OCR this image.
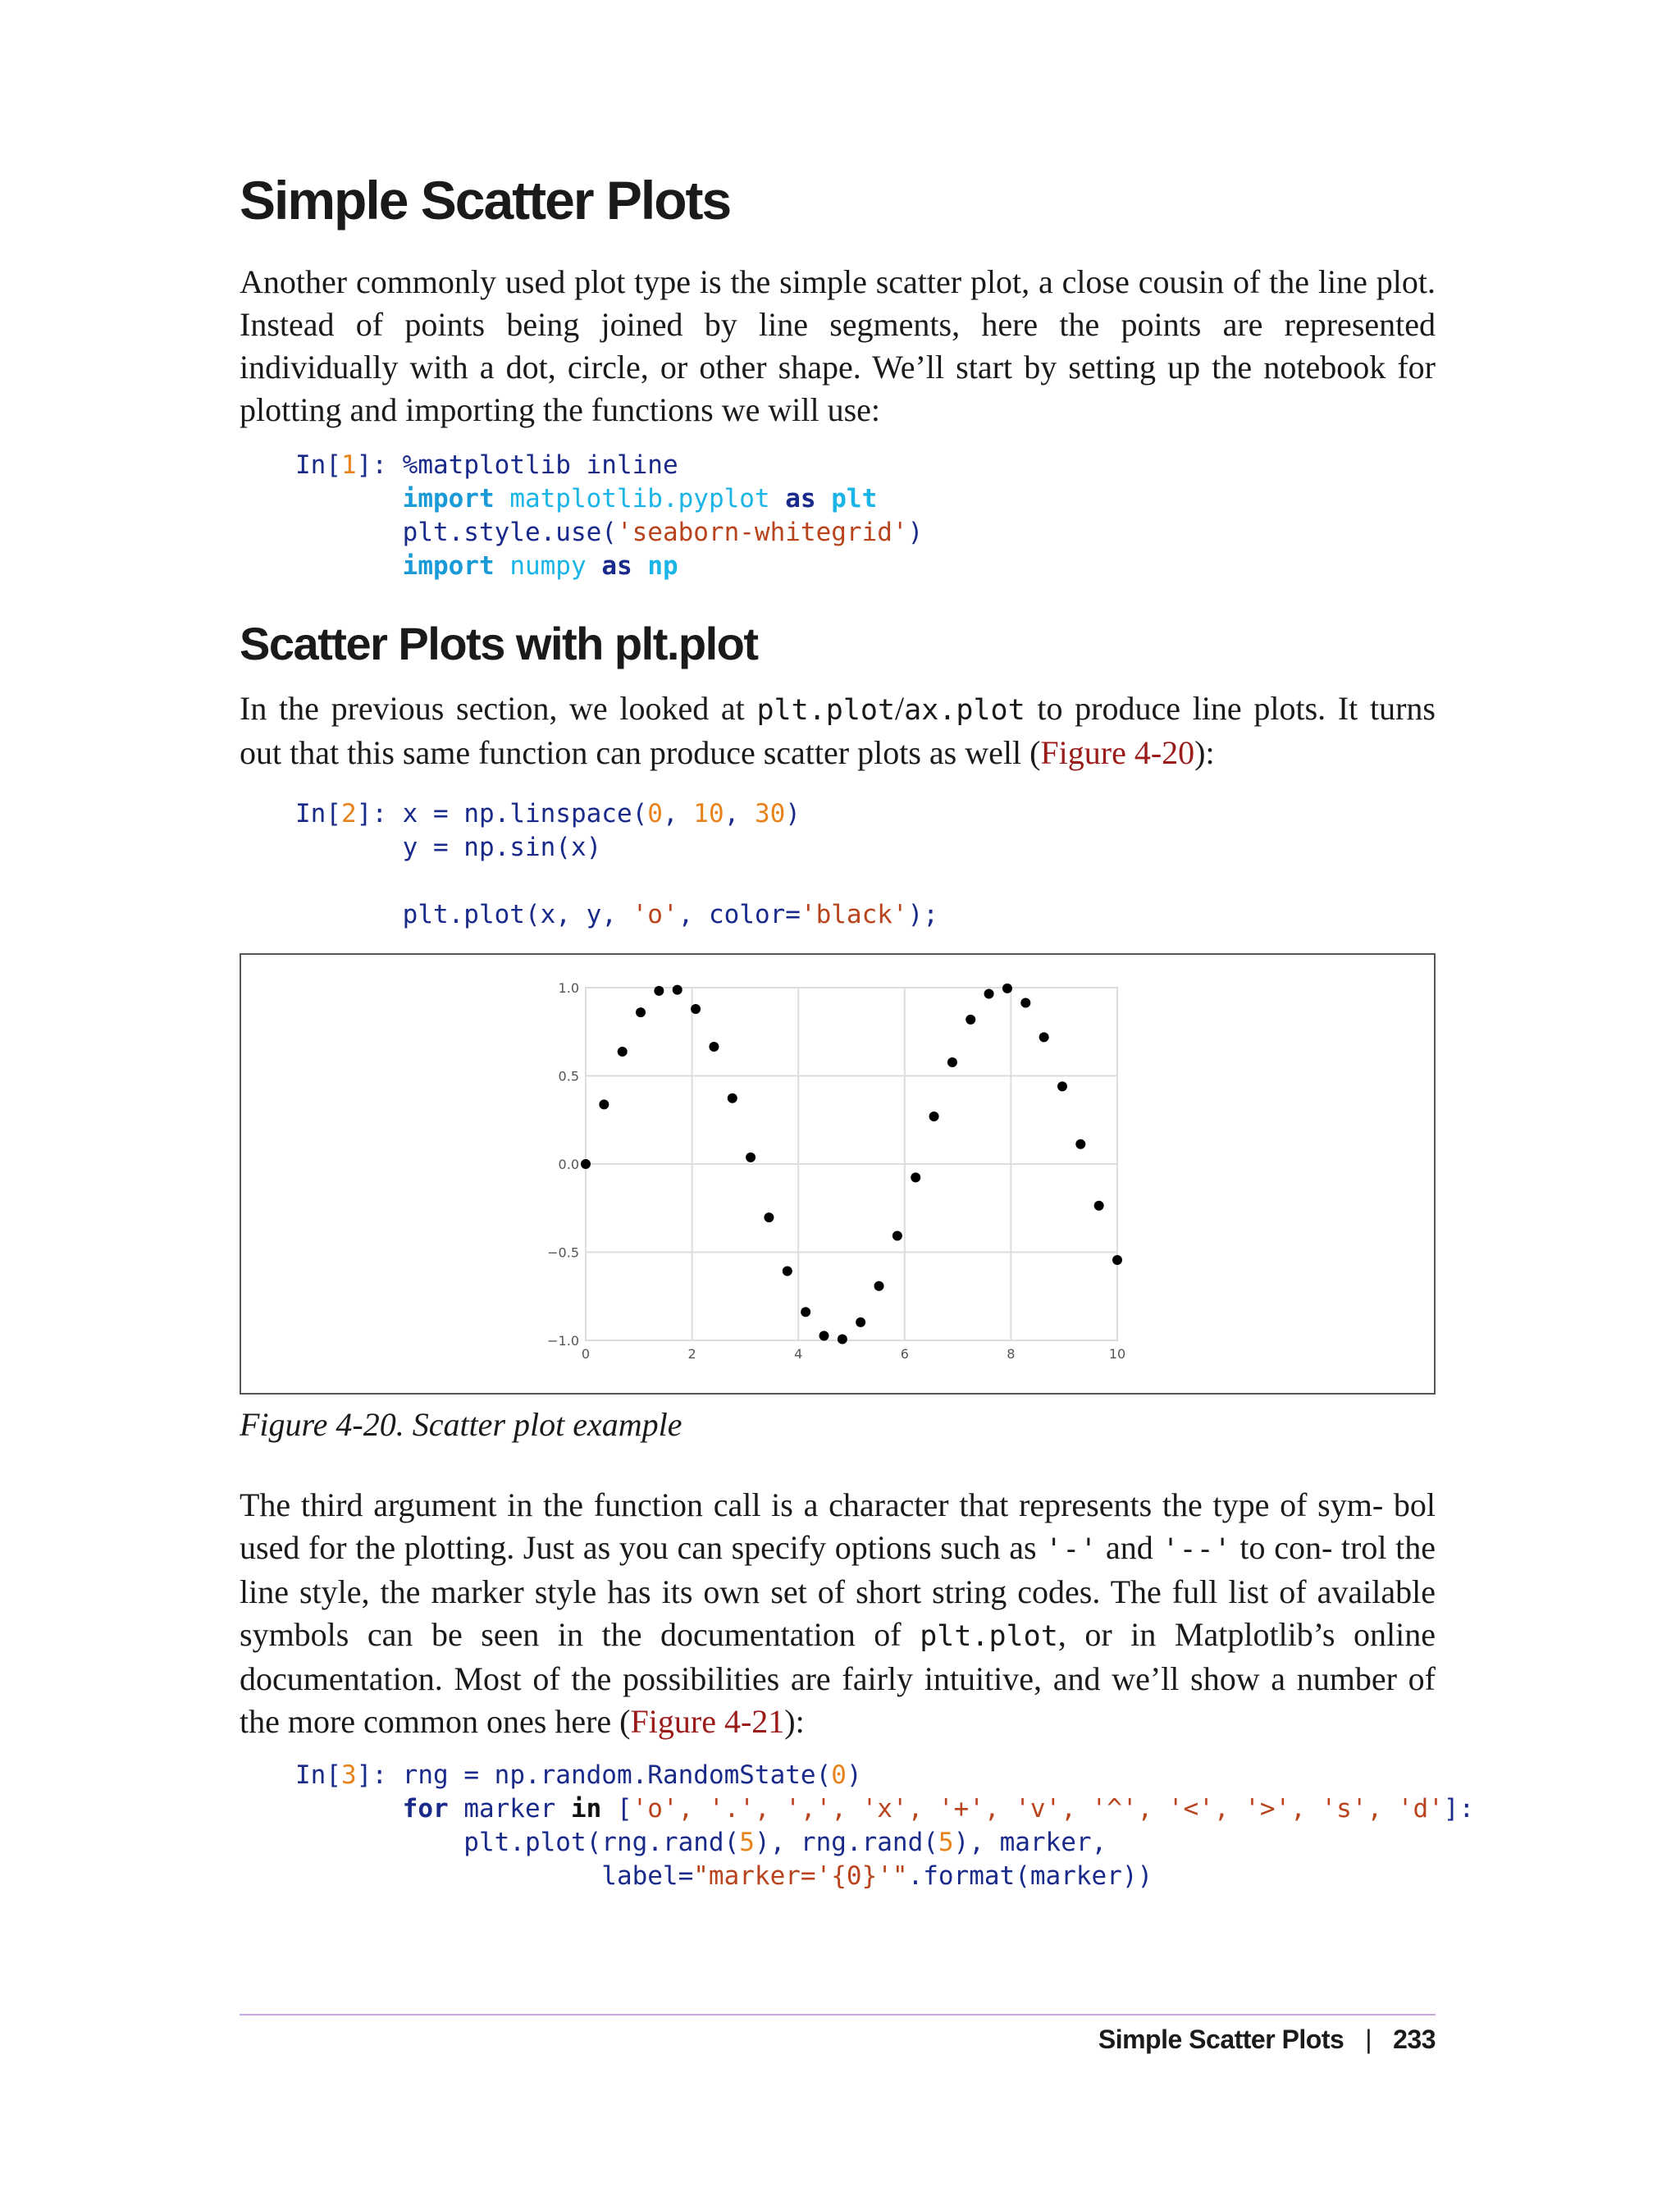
Simple Scatter Plots

Another commonly used plot type is the simple scatter plot, a close cousin of the line plot. Instead of points being joined by line segments, here the points are represented individually with a dot, circle, or other shape. We’ll start by setting up the notebook for plotting and importing the functions we will use:

In[1]: %matplotlib inline
import matplotlib.pyplot as plt
plt.style.use('seaborn-whitegrid')
import numpy as np
Scatter Plots with plt.plot

In the previous section, we looked at plt.plot/ax.plot to produce line plots. It turns out that this same function can produce scatter plots as well (Figure 4-20):

In[2]: x = np.linspace(0, 10, 30)
y = np.sin(x)

plt.plot(x, y, 'o', color='black');
0	2	4	6	8	10
−1.0
−0.5
0.0
0.5
1.0

Figure 4-20. Scatter plot example

The third argument in the function call is a character that represents the type of sym‐ bol used for the plotting. Just as you can specify options such as '-' and '--' to con‐ trol the line style, the marker style has its own set of short string codes. The full list of available symbols can be seen in the documentation of plt.plot, or in Matplotlib’s online documentation. Most of the possibilities are fairly intuitive, and we’ll show a number of the more common ones here (Figure 4-21):

In[3]: rng = np.random.RandomState(0)
for marker in ['o', '.', ',', 'x', '+', 'v', '^', '<', '>', 's', 'd']:
plt.plot(rng.rand(5), rng.rand(5), marker,
label="marker='{0}'".format(marker))
Simple Scatter Plots | 233
